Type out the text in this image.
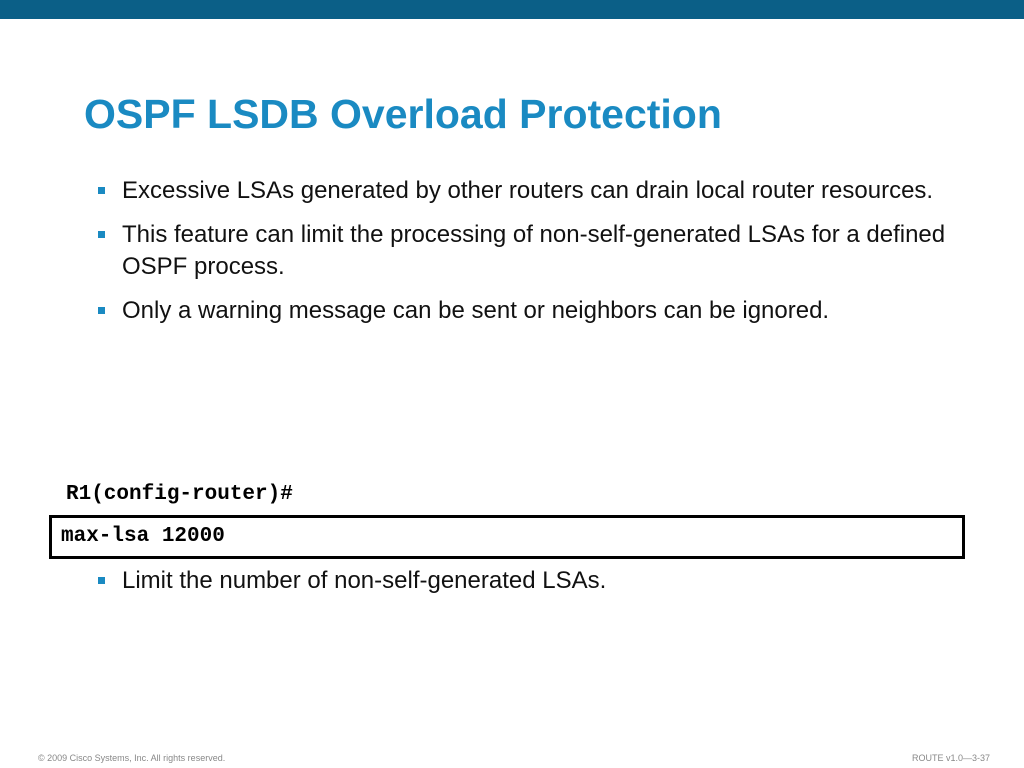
OSPF LSDB Overload Protection
Excessive LSAs generated by other routers can drain local router resources.
This feature can limit the processing of non-self-generated LSAs for a defined OSPF process.
Only a warning message can be sent or neighbors can be ignored.
R1(config-router)#
max-lsa 12000
Limit the number of non-self-generated LSAs.
© 2009 Cisco Systems, Inc. All rights reserved.	ROUTE v1.0—3-37
